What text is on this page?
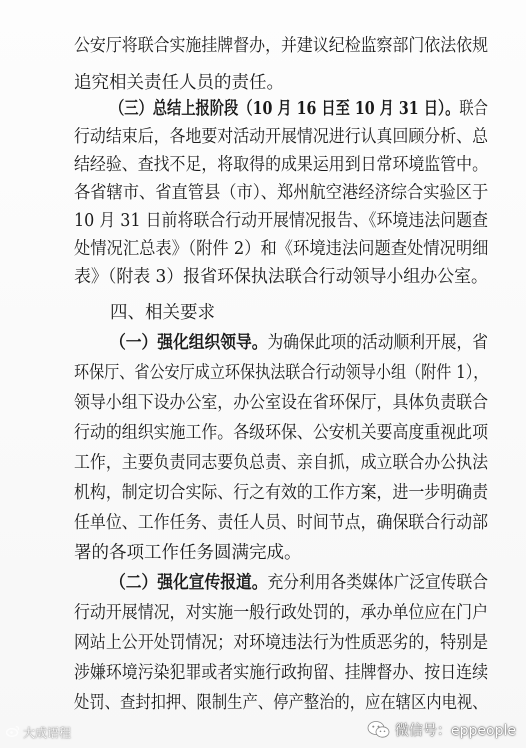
公安厅将联合实施挂牌督办，并建议纪检监察部门依法依规
追究相关责任人员的责任。
（三）总结上报阶段（10 月 16 日至 10 月 31 日）。联合
行动结束后，各地要对活动开展情况进行认真回顾分析、总
结经验、查找不足，将取得的成果运用到日常环境监管中。
各省辖市、省直管县（市）、郑州航空港经济综合实验区于
10 月 31 日前将联合行动开展情况报告、《环境违法问题查
处情况汇总表》（附件 2）和《环境违法问题查处情况明细
表》（附表 3）报省环保执法联合行动领导小组办公室。
四、相关要求
（一）强化组织领导。为确保此项的活动顺利开展，省
环保厅、省公安厅成立环保执法联合行动领导小组（附件 1），
领导小组下设办公室，办公室设在省环保厅，具体负责联合
行动的组织实施工作。各级环保、公安机关要高度重视此项
工作，主要负责同志要负总责、亲自抓，成立联合办公执法
机构，制定切合实际、行之有效的工作方案，进一步明确责
任单位、工作任务、责任人员、时间节点，确保联合行动部
署的各项工作任务圆满完成。
（二）强化宣传报道。充分利用各类媒体广泛宣传联合
行动开展情况，对实施一般行政处罚的，承办单位应在门户
网站上公开处罚情况；对环境违法行为性质恶劣的，特别是
涉嫌环境污染犯罪或者实施行政拘留、挂牌督办、按日连续
处罚、查封扣押、限制生产、停产整治的，应在辖区内电视、
大成语程	微信号：eppeople
